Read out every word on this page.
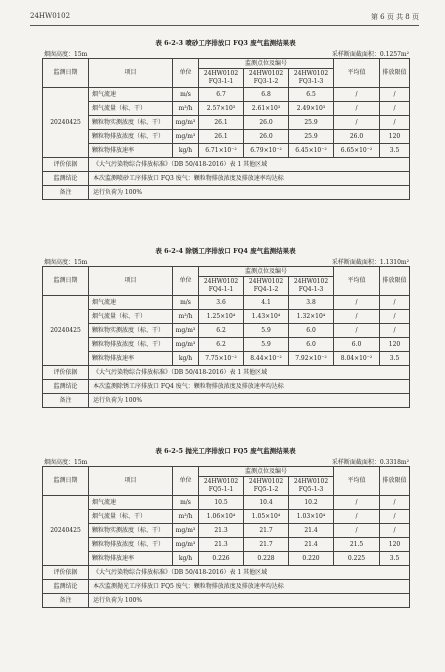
24HW0102	第 6 页 共 8 页
表 6-2-3 喷砂工序排放口 FQ3 废气监测结果表
烟囱高度：15m	采样断面截面积：0.1257m²
监测日期	项目	单位	监测点位及编号			平均值	排放限值
			24HW0102 FQ3-1-1	24HW0102 FQ3-1-2	24HW0102 FQ3-1-3		
20240425	烟气流速	m/s	6.7	6.8	6.5	/	/
	烟气流量（标、干）	m³/h	2.57×10³	2.61×10³	2.49×10³	/	/
	颗粒物实测浓度（标、干）	mg/m³	26.1	26.0	25.9	/	/
	颗粒物排放浓度（标、干）	mg/m³	26.1	26.0	25.9	26.0	120
	颗粒物排放速率	kg/h	6.71×10⁻²	6.79×10⁻²	6.45×10⁻²	6.65×10⁻²	3.5
评价依据	《大气污染物综合排放标准》（DB 50/418-2016）表 1 其他区域						
监测结论	本次监测喷砂工序排放口 FQ3 废气：颗粒物排放浓度及排放速率均达标						
备注	运行负荷为 100%						
表 6-2-4 除锈工序排放口 FQ4 废气监测结果表
烟囱高度：15m	采样断面截面积：1.1310m²
监测日期	项目	单位	监测点位及编号			平均值	排放限值
			24HW0102 FQ4-1-1	24HW0102 FQ4-1-2	24HW0102 FQ4-1-3		
20240425	烟气流速	m/s	3.6	4.1	3.8	/	/
	烟气流量（标、干）	m³/h	1.25×10⁴	1.43×10⁴	1.32×10⁴	/	/
	颗粒物实测浓度（标、干）	mg/m³	6.2	5.9	6.0	/	/
	颗粒物排放浓度（标、干）	mg/m³	6.2	5.9	6.0	6.0	120
	颗粒物排放速率	kg/h	7.75×10⁻²	8.44×10⁻²	7.92×10⁻²	8.04×10⁻²	3.5
评价依据	《大气污染物综合排放标准》（DB 50/418-2016）表 1 其他区域						
监测结论	本次监测除锈工序排放口 FQ4 废气：颗粒物排放浓度及排放速率均达标						
备注	运行负荷为 100%						
表 6-2-5 抛光工序排放口 FQ5 废气监测结果表
烟囱高度：15m	采样断面截面积：0.3318m²
监测日期	项目	单位	监测点位及编号			平均值	排放限值
			24HW0102 FQ5-1-1	24HW0102 FQ5-1-2	24HW0102 FQ5-1-3		
20240425	烟气流速	m/s	10.5	10.4	10.2	/	/
	烟气流量（标、干）	m³/h	1.06×10⁴	1.05×10⁴	1.03×10⁴	/	/
	颗粒物实测浓度（标、干）	mg/m³	21.3	21.7	21.4	/	/
	颗粒物排放浓度（标、干）	mg/m³	21.3	21.7	21.4	21.5	120
	颗粒物排放速率	kg/h	0.226	0.228	0.220	0.225	3.5
评价依据	《大气污染物综合排放标准》（DB 50/418-2016）表 1 其他区域						
监测结论	本次监测抛光工序排放口 FQ5 废气：颗粒物排放浓度及排放速率均达标						
备注	运行负荷为 100%						
